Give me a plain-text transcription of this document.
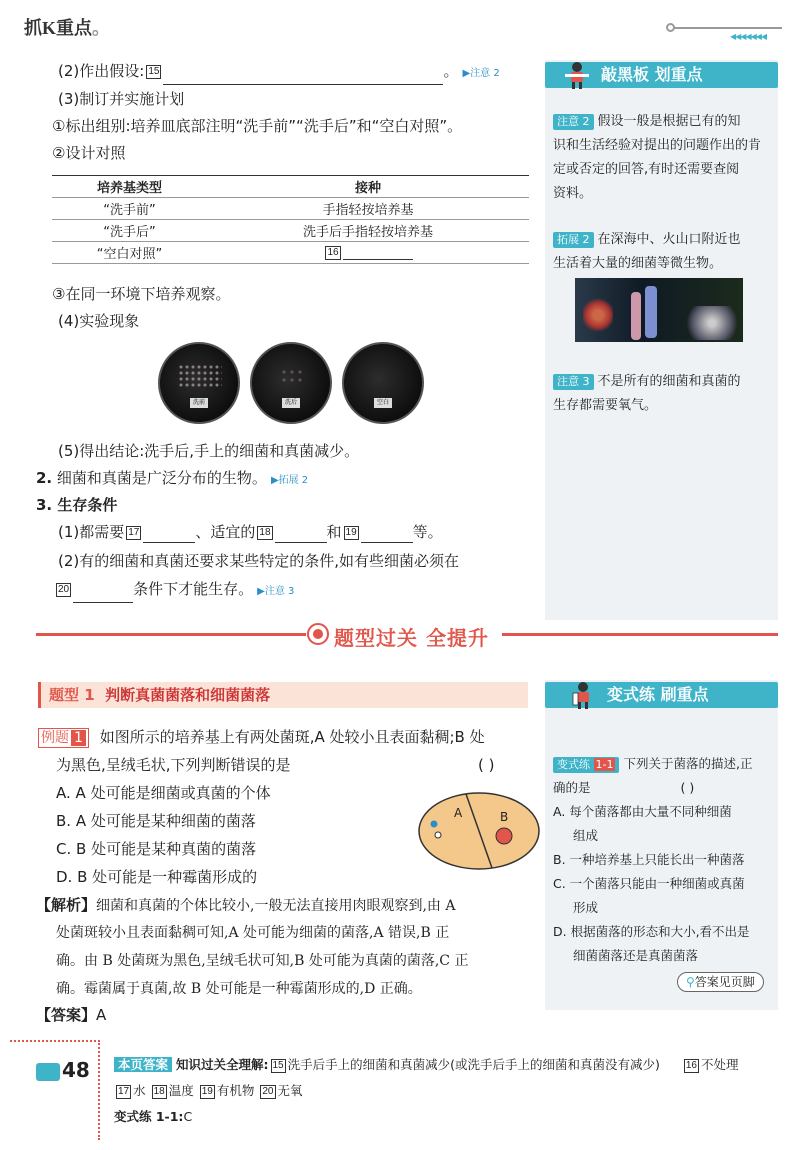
抓K重点。	◀◀◀◀◀◀◀
(2)作出假设: 15	。 ▶注意 2
(3)制订并实施计划
①标出组别:培养皿底部注明“洗手前”“洗手后”和“空白对照”。
②设计对照
培养基类型	接种
“洗手前”	手指轻按培养基
“洗手后”	洗手后手指轻按培养基
“空白对照”	16
③在同一环境下培养观察。
(4)实验现象
洗前	洗后	空白
(5)得出结论:洗手后,手上的细菌和真菌减少。
2. 细菌和真菌是广泛分布的生物。 ▶拓展 2
3. 生存条件
(1)都需要 17	、适宜的 18	和 19	等。
(2)有的细菌和真菌还要求某些特定的条件,如有些细菌必须在
20	条件下才能生存。 ▶注意 3
敲黑板 划重点
注意 2 假设一般是根据已有的知
识和生活经验对提出的问题作出的肯
定或否定的回答,有时还需要查阅
资料。
拓展 2 在深海中、火山口附近也
生活着大量的细菌等微生物。
注意 3 不是所有的细菌和真菌的
生存都需要氧气。
题型过关 全提升
题型 1 判断真菌菌落和细菌菌落
例题 1 如图所示的培养基上有两处菌斑,A 处较小且表面黏稠;B 处
为黑色,呈绒毛状,下列判断错误的是	( )
A. A 处可能是细菌或真菌的个体
B. A 处可能是某种细菌的菌落
C. B 处可能是某种真菌的菌落
D. B 处可能是一种霉菌形成的
A	B
【解析】细菌和真菌的个体比较小,一般无法直接用肉眼观察到,由 A
处菌斑较小且表面黏稠可知,A 处可能为细菌的菌落,A 错误,B 正
确。由 B 处菌斑为黑色,呈绒毛状可知,B 处可能为真菌的菌落,C 正
确。霉菌属于真菌,故 B 处可能是一种霉菌形成的,D 正确。
【答案】A
变式练 刷重点
变式练 1-1 下列关于菌落的描述,正
确的是	( )
A. 每个菌落都由大量不同种细菌
组成
B. 一种培养基上只能长出一种菌落
C. 一个菌落只能由一种细菌或真菌
形成
D. 根据菌落的形态和大小,看不出是
细菌菌落还是真菌菌落
⚲答案见页脚
48	本页答案 知识过关全理解: 15 洗手后手上的细菌和真菌减少(或洗手后手上的细菌和真菌没有减少)	16 不处理
17 水 18 温度 19 有机物 20 无氧
变式练 1-1:C
